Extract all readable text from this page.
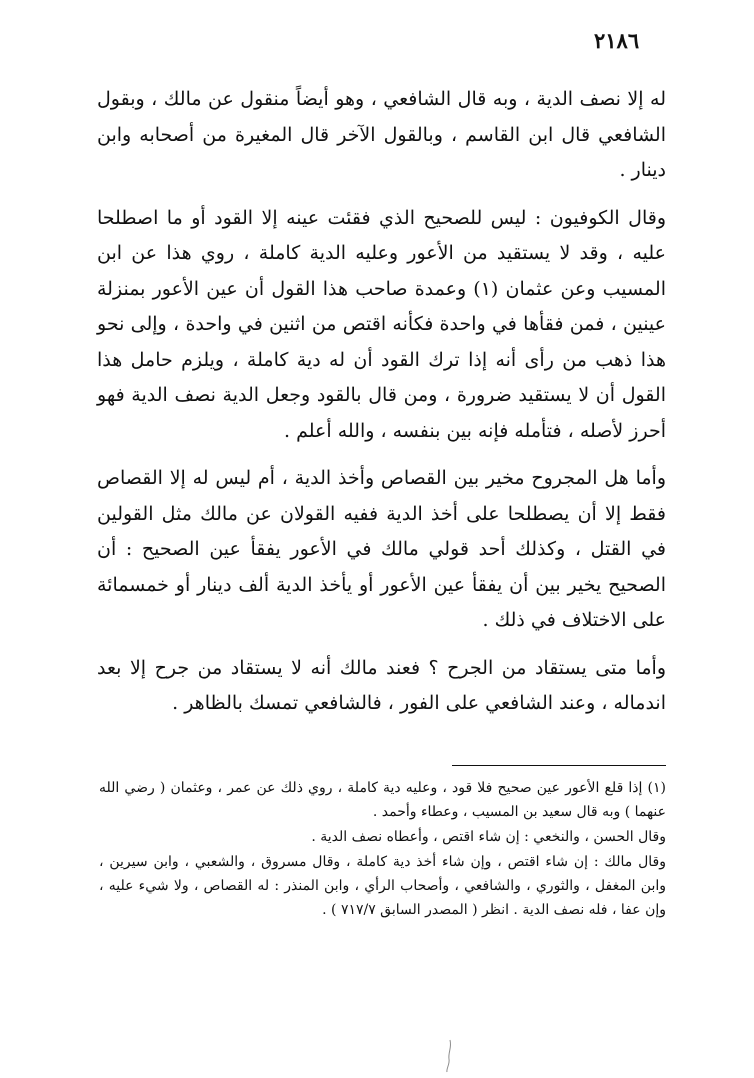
٢١٨٦

له إلا نصف الدية ، وبه قال الشافعي ، وهو أيضاً منقول عن مالك ، وبقول الشافعي قال ابن القاسم ، وبالقول الآخر قال المغيرة من أصحابه وابن دينار .

وقال الكوفيون : ليس للصحيح الذي فقئت عينه إلا القود أو ما اصطلحا عليه ، وقد لا يستقيد من الأعور وعليه الدية كاملة ، روي هذا عن ابن المسيب وعن عثمان (١) وعمدة صاحب هذا القول أن عين الأعور بمنزلة عينين ، فمن فقأها في واحدة فكأنه اقتص من اثنين في واحدة ، وإلى نحو هذا ذهب من رأى أنه إذا ترك القود أن له دية كاملة ، ويلزم حامل هذا القول أن لا يستقيد ضرورة ، ومن قال بالقود وجعل الدية نصف الدية فهو أحرز لأصله ، فتأمله فإنه بين بنفسه ، والله أعلم .

وأما هل المجروح مخير بين القصاص وأخذ الدية ، أم ليس له إلا القصاص فقط إلا أن يصطلحا على أخذ الدية ففيه القولان عن مالك مثل القولين في القتل ، وكذلك أحد قولي مالك في الأعور يفقأ عين الصحيح : أن الصحيح يخير بين أن يفقأ عين الأعور أو يأخذ الدية ألف دينار أو خمسمائة على الاختلاف في ذلك .

وأما متى يستقاد من الجرح ؟ فعند مالك أنه لا يستقاد من جرح إلا بعد اندماله ، وعند الشافعي على الفور ، فالشافعي تمسك بالظاهر .

(١) إذا قلع الأعور عين صحيح فلا قود ، وعليه دية كاملة ، روي ذلك عن عمر ، وعثمان ( رضي الله عنهما ) وبه قال سعيد بن المسيب ، وعطاء وأحمد .

وقال الحسن ، والنخعي : إن شاء اقتص ، وأعطاه نصف الدية .

وقال مالك : إن شاء اقتص ، وإن شاء أخذ دية كاملة ، وقال مسروق ، والشعبي ، وابن سيرين ، وابن المغفل ، والثوري ، والشافعي ، وأصحاب الرأي ، وابن المنذر : له القصاص ، ولا شيء عليه ، وإن عفا ، فله نصف الدية . انظر ( المصدر السابق ٧١٧/٧ ) .
